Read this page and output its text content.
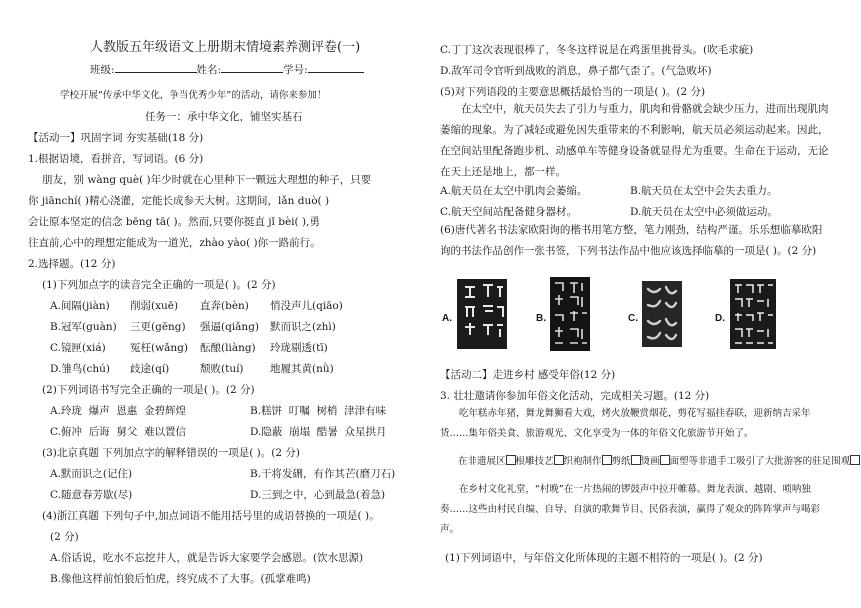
人教版五年级语文上册期末情境素养测评卷(一)
班级:	姓名:	学号:
学校开展“传承中华文化，争当优秀少年”的活动，请你来参加！
任务一：承中华文化，铺坚实基石
【活动一】巩固字词 夯实基础(18 分)
1.根据语境，看拼音，写词语。(6 分)
朋友，别 wàng què( )年少时就在心里种下一颗远大理想的种子，只要
你 jiānchí( )精心浇灌，定能长成参天大树。这期间，lǎn duò( )
会让原本坚定的信念 bēng tā( )。然而,只要你挺直 jǐ bèi( ),勇
往直前,心中的理想定能成为一道光，zhào yào( )你一路前行。
2.选择题。(12 分)
(1)下列加点字的读音完全正确的一项是( )。(2 分)
A.间隔(jiàn) 削弱(xuē) 直奔(bèn) 悄没声儿(qiāo)
B.冠军(guàn) 三更(gēng) 强逼(qiǎng) 默而识之(zhì)
C.镜匣(xiá) 冤枉(wǎng) 酝酿(liàng) 玲珑剔透(tī)
D.雏鸟(chú) 歧途(qí)	颓败(tuí)	地履其黄(nǜ)
(2)下列词语书写完全正确的一项是( )。(2 分)
A.玲珑 爆声 恩惠 金碧辉煌	B.糕饼 叮嘱 树梢 津津有味
C.俯冲 后诲 舅父 难以置信	D.隐蔽 崩塌 酷暑 众星拱月
(3)北京真题 下列加点字的解释错误的一项是( )。(2 分)
A.默而识之(记住)	B.干将发硎，有作其芒(磨刀石)
C.随意春芳歇(尽)	D.三到之中，心到最急(着急)
(4)浙江真题 下列句子中,加点词语不能用括号里的成语替换的一项是( )。
(2 分)
A.俗话说，吃水不忘挖井人，就是告诉大家要学会感恩。(饮水思源)
B.像他这样前怕狼后怕虎，终究成不了大事。(孤掌难鸣)
C.丁丁这次表现很棒了，冬冬这样说是在鸡蛋里挑骨头。(吹毛求疵)
D.敌军司令官听到战败的消息，鼻子都气歪了。(气急败坏)
(5)对下列语段的主要意思概括最恰当的一项是( )。(2 分)
在太空中，航天员失去了引力与重力，肌肉和骨骼就会缺少压力，进而出现肌肉萎缩的现象。为了减轻或避免因失重带来的不利影响，航天员必须运动起来。因此，在空间站里配备跑步机、动感单车等健身设备就显得尤为重要。生命在于运动，无论在天上还是地上，都一样。
A.航天员在太空中肌肉会萎缩。	B.航天员在太空中会失去重力。
C.航天空间站配备健身器材。	D.航天员在太空中必须做运动。
(6)唐代著名书法家欧阳询的楷书用笔方整，笔力刚劲，结构严谨。乐乐想临摹欧阳询的书法作品创作一张书签，下列书法作品中他应该选择临摹的一项是( )。(2 分)
A.	B.	C.	D.
【活动二】走进乡村 感受年俗(12 分)
3. 壮壮邀请你参加年俗文化活动，完成相关习题。(12 分)
吃年糕赤年猪，舞龙舞狮看大戏，烤火放鞭赏烟花，剪花写福挂春联，迎新纳吉采年货……集年俗美食、旅游观光、文化享受为一体的年俗文化旅游节开始了。
在非遗展区 根雕技艺 织袍制作 剪纸 烫画 面塑等非遗手工吸引了大批游客的驻足围观
在乡村文化礼堂，“村晚”在一片热闹的锣鼓声中拉开帷幕。舞龙表演、越剧、唢呐独奏……这些由村民自编、自导、自演的歌舞节目、民俗表演，赢得了观众的阵阵掌声与喝彩声。
(1)下列词语中，与年俗文化所体现的主题不相符的一项是( )。(2 分)
